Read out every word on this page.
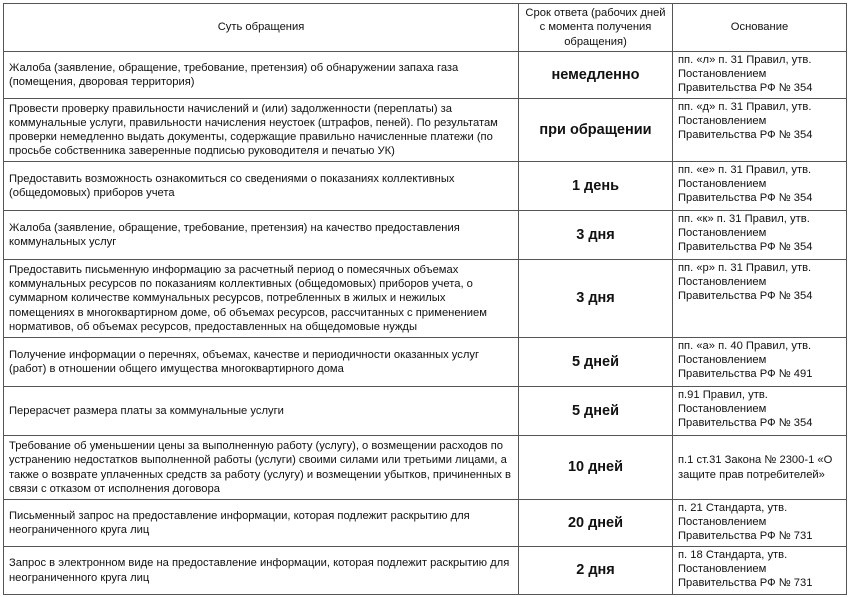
Суть обращения	Срок ответа (рабочих дней с момента получения обращения)	Основание
Жалоба (заявление, обращение, требование, претензия) об обнаружении запаха газа (помещения, дворовая территория)	немедленно	пп. «л» п. 31 Правил, утв. Постановлением Правительства РФ № 354
Провести проверку правильности начислений и (или) задолженности (переплаты) за коммунальные услуги, правильности начисления неустоек (штрафов, пеней). По результатам проверки немедленно выдать документы, содержащие правильно начисленные платежи (по просьбе собственника заверенные подписью руководителя и печатью УК)	при обращении	пп. «д» п. 31 Правил, утв. Постановлением Правительства РФ № 354
Предоставить возможность ознакомиться со сведениями о показаниях коллективных (общедомовых) приборов учета	1 день	пп. «е» п. 31 Правил, утв. Постановлением Правительства РФ № 354
Жалоба (заявление, обращение, требование, претензия) на качество предоставления коммунальных услуг	3 дня	пп. «к» п. 31 Правил, утв. Постановлением Правительства РФ № 354
Предоставить письменную информацию за расчетный период о помесячных объемах коммунальных ресурсов по показаниям коллективных (общедомовых) приборов учета, о суммарном количестве коммунальных ресурсов, потребленных в жилых и нежилых помещениях в многоквартирном доме, об объемах ресурсов, рассчитанных с применением нормативов, об объемах ресурсов, предоставленных на общедомовые нужды	3 дня	пп. «р» п. 31 Правил, утв. Постановлением Правительства РФ № 354
Получение информации о перечнях, объемах, качестве и периодичности оказанных услуг (работ) в отношении общего имущества многоквартирного дома	5 дней	пп. «а» п. 40 Правил, утв. Постановлением Правительства РФ № 491
Перерасчет размера платы за коммунальные услуги	5 дней	п.91 Правил, утв. Постановлением Правительства РФ № 354
Требование об уменьшении цены за выполненную работу (услугу), о возмещении расходов по устранению недостатков выполненной работы (услуги) своими силами или третьими лицами, а также о возврате уплаченных средств за работу (услугу) и возмещении убытков, причиненных в связи с отказом от исполнения договора	10 дней	п.1 ст.31 Закона № 2300-1 «О защите прав потребителей»
Письменный запрос на предоставление информации, которая подлежит раскрытию для неограниченного круга лиц	20 дней	п. 21 Стандарта, утв. Постановлением Правительства РФ № 731
Запрос в электронном виде на предоставление информации, которая подлежит раскрытию для неограниченного круга лиц	2 дня	п. 18 Стандарта, утв. Постановлением Правительства РФ № 731
